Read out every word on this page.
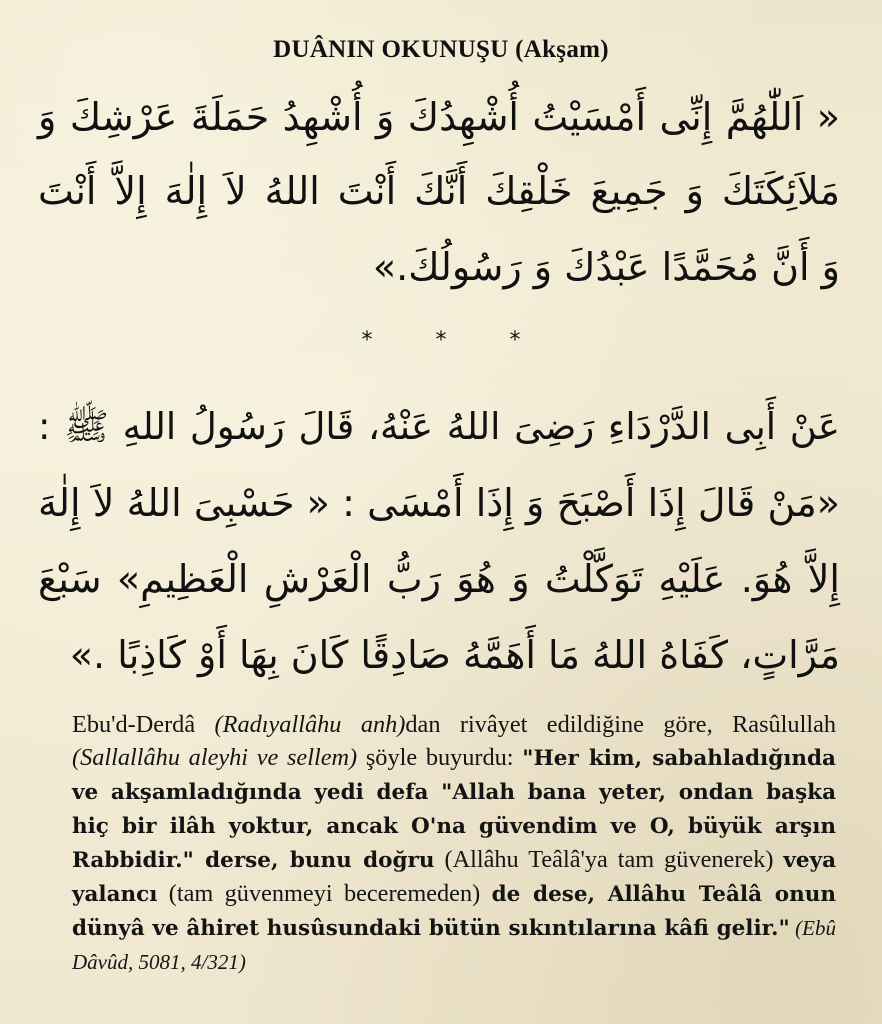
DUÂNIN OKUNUŞU (Akşam)
« اَللّٰهُمَّ إِنِّى أَمْسَيْتُ أُشْهِدُكَ وَ أُشْهِدُ حَمَلَةَ عَرْشِكَ وَ
مَلاَئِكَتَكَ وَ جَمِيعَ خَلْقِكَ أَنَّكَ أَنْتَ اللهُ لاَ إِلٰهَ إِلاَّ أَنْتَ
وَ أَنَّ مُحَمَّدًا عَبْدُكَ وَ رَسُولُكَ.»
* * *
عَنْ أَبِى الدَّرْدَاءِ رَضِىَ اللهُ عَنْهُ، قَالَ رَسُولُ اللهِ ﷺ :
«مَنْ قَالَ إِذَا أَصْبَحَ وَ إِذَا أَمْسَى : « حَسْبِىَ اللهُ لاَ إِلٰهَ
إِلاَّ هُوَ. عَلَيْهِ تَوَكَّلْتُ وَ هُوَ رَبُّ الْعَرْشِ الْعَظِيمِ» سَبْعَ
مَرَّاتٍ، كَفَاهُ اللهُ مَا أَهَمَّهُ صَادِقًا كَانَ بِهَا أَوْ كَاذِبًا .»
Ebu'd-Derdâ (Radıyallâhu anh)dan rivâyet edildiğine göre, Rasûlullah (Sallallâhu aleyhi ve sellem) şöyle buyurdu: "Her kim, sabahladığında ve akşamladığında yedi defa "Allah bana yeter, ondan başka hiç bir ilâh yoktur, ancak O'na güvendim ve O, büyük arşın Rabbidir." derse, bunu doğru (Allâhu Teâlâ'ya tam güvenerek) veya yalancı (tam güvenmeyi beceremeden) de dese, Allâhu Teâlâ onun dünyâ ve âhiret husûsundaki bütün sıkıntılarına kâfi gelir." (Ebû Dâvûd, 5081, 4/321)
